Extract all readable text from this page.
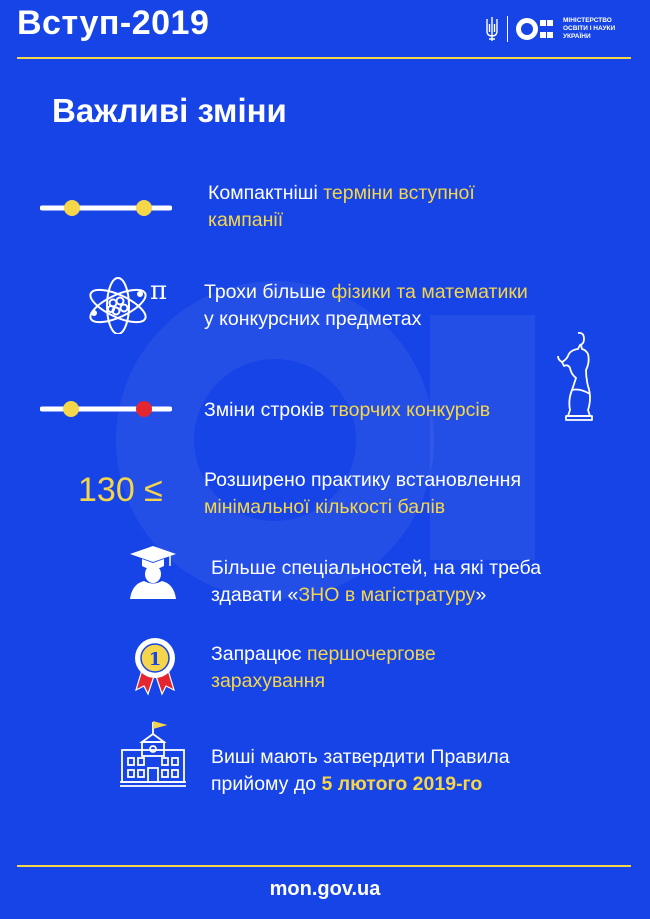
Вступ-2019	МІНІСТЕРСТВО
ОСВІТИ І НАУКИ
УКРАЇНИ
Важливі зміни
Компактніші терміни вступної
кампанії
π Трохи більше фізики та математики
у конкурсних предметах
Зміни строків творчих конкурсів
130 ≤ Розширено практику встановлення
мінімальної кількості балів
Більше спеціальностей, на які треба
здавати «ЗНО в магістратуру»
1	Запрацює першочергове
зарахування
Виші мають затвердити Правила
прийому до 5 лютого 2019-го
mon.gov.ua
